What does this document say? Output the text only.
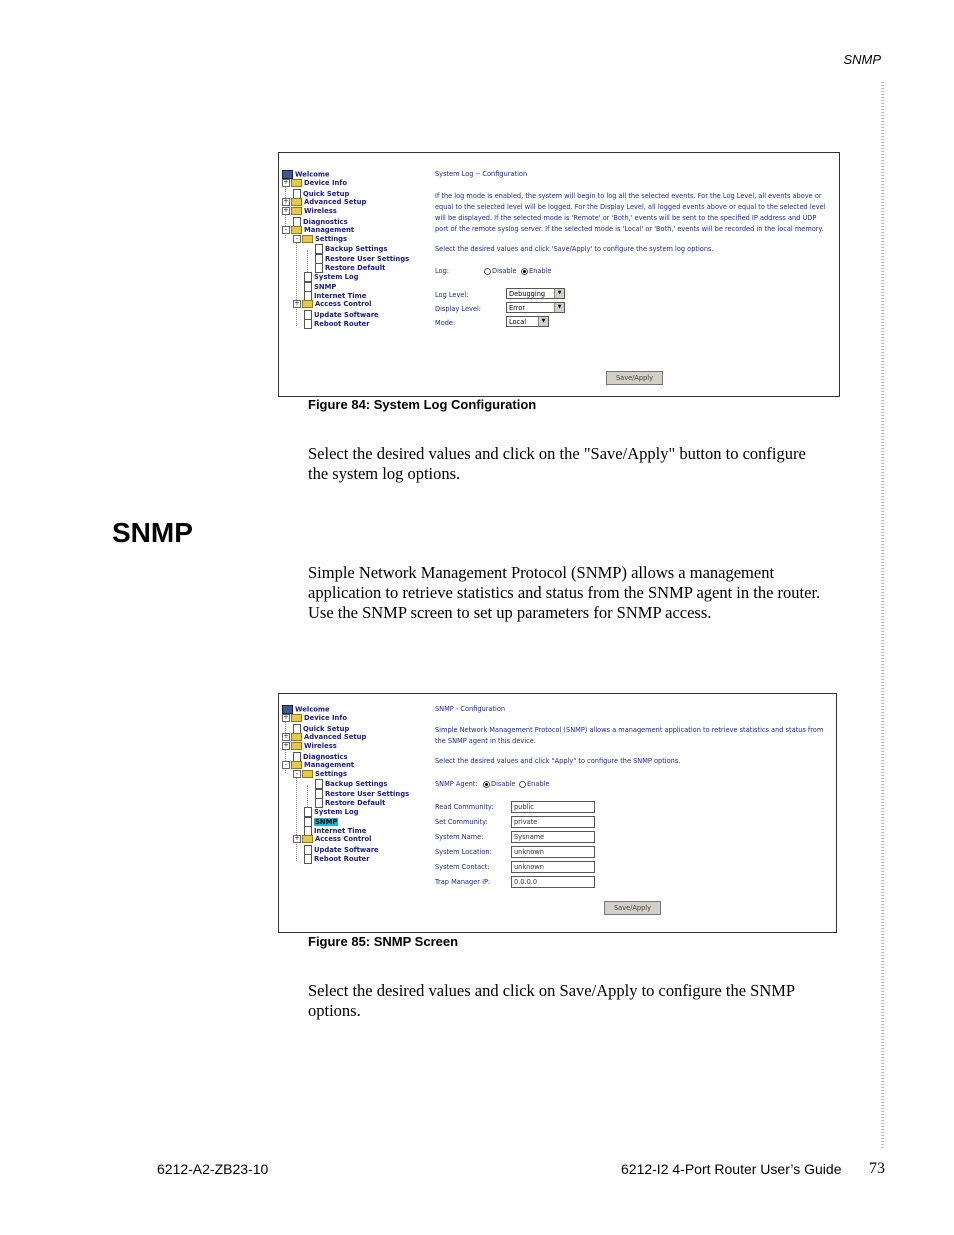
SNMP
Welcome
+ Device Info
Quick Setup
+ Advanced Setup
+ Wireless
Diagnostics
- Management
- Settings
Backup Settings
Restore User Settings
Restore Default
System Log
SNMP
Internet Time
+ Access Control
Update Software
Reboot Router
System Log -- Configuration
If the log mode is enabled, the system will begin to log all the selected events. For the Log Level, all events above or
equal to the selected level will be logged. For the Display Level, all logged events above or equal to the selected level
will be displayed. If the selected mode is 'Remote' or 'Both,' events will be sent to the specified IP address and UDP
port of the remote syslog server. If the selected mode is 'Local' or 'Both,' events will be recorded in the local memory.
Select the desired values and click 'Save/Apply' to configure the system log options.
Log:	Disable	Enable
Log Level:	Debugging	▼
Display Level:	Error	▼
Mode:	Local	▼
Save/Apply
Figure 84: System Log Configuration
Select the desired values and click on the "Save/Apply" button to configure
the system log options.
SNMP
Simple Network Management Protocol (SNMP) allows a management
application to retrieve statistics and status from the SNMP agent in the router.
Use the SNMP screen to set up parameters for SNMP access.
Welcome
+ Device Info
Quick Setup
+ Advanced Setup
+ Wireless
Diagnostics
- Management
- Settings
Backup Settings
Restore User Settings
Restore Default
System Log
SNMP
Internet Time
+ Access Control
Update Software
Reboot Router
SNMP - Configuration
Simple Network Management Protocol (SNMP) allows a management application to retrieve statistics and status from
the SNMP agent in this device.
Select the desired values and click "Apply" to configure the SNMP options.
SNMP Agent:	Disable	Enable
Read Community:	public
Set Community:	private
System Name:	Sysname
System Location:	unknown
System Contact:	unknown
Trap Manager IP:	0.0.0.0
Save/Apply
Figure 85: SNMP Screen
Select the desired values and click on Save/Apply to configure the SNMP
options.
6212-A2-ZB23-10	6212-I2 4-Port Router User’s Guide 73
